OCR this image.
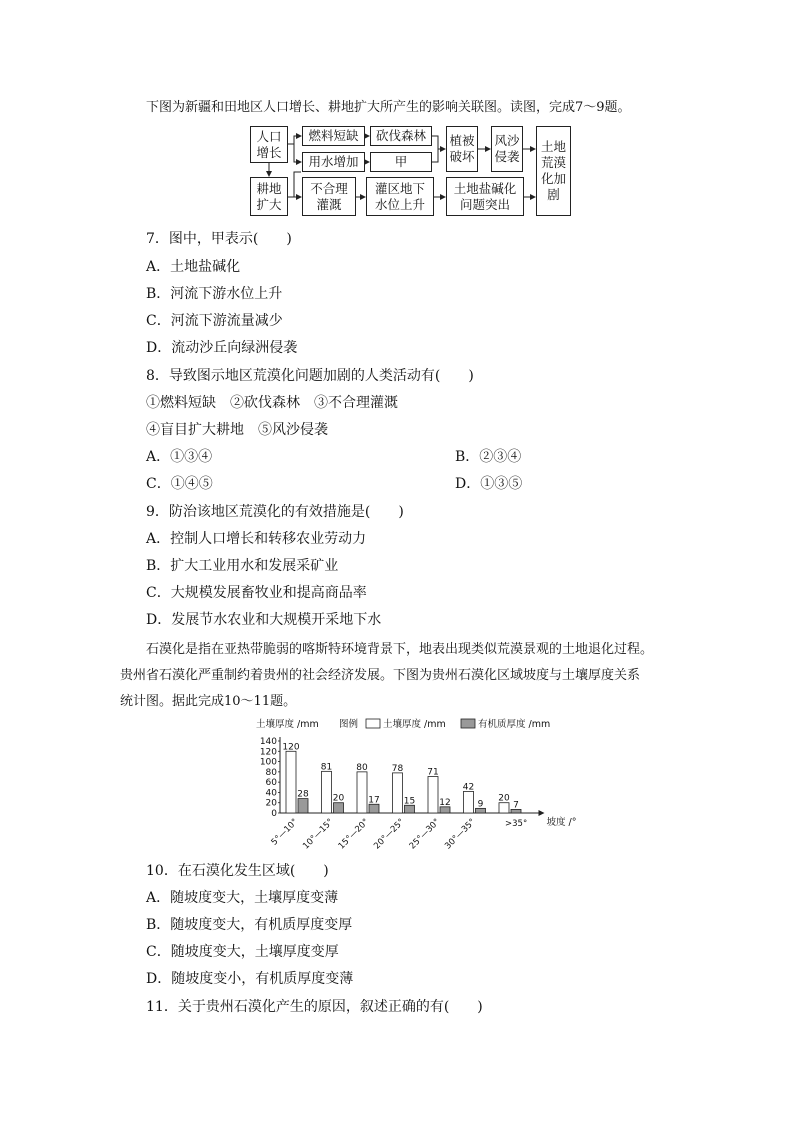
下图为新疆和田地区人口增长、耕地扩大所产生的影响关联图。读图，完成7～9题。
人口
增长
燃料短缺	砍伐森林
用水增加	甲
耕地
扩大
不合理
灌溉
灌区地下
水位上升
土地盐碱化
问题突出
植被
破坏
风沙
侵袭
土地
荒漠
化加
剧
7．图中，甲表示(　　)
A．土地盐碱化
B．河流下游水位上升
C．河流下游流量减少
D．流动沙丘向绿洲侵袭
8．导致图示地区荒漠化问题加剧的人类活动有(　　)
①燃料短缺　②砍伐森林　③不合理灌溉
④盲目扩大耕地　⑤风沙侵袭
A．①③④	B．②③④
C．①④⑤	D．①③⑤
9．防治该地区荒漠化的有效措施是(　　)
A．控制人口增长和转移农业劳动力
B．扩大工业用水和发展采矿业
C．大规模发展畜牧业和提高商品率
D．发展节水农业和大规模开采地下水
石漠化是指在亚热带脆弱的喀斯特环境背景下，地表出现类似荒漠景观的土地退化过程。
贵州省石漠化严重制约着贵州的社会经济发展。下图为贵州石漠化区域坡度与土壤厚度关系
统计图。据此完成10～11题。
土壤厚度 /mm 图例	土壤厚度 /mm	有机质厚度 /mm
0
20
40
60
80
100
120
140
坡度 /°
120
28
5°—10°
81
20
10°—15°
80
17
15°—20°
78
15
20°—25°
71
12
25°—30°
42
9
30°—35°
20
7
>35°
10．在石漠化发生区域(　　)
A．随坡度变大，土壤厚度变薄
B．随坡度变大，有机质厚度变厚
C．随坡度变大，土壤厚度变厚
D．随坡度变小，有机质厚度变薄
11．关于贵州石漠化产生的原因，叙述正确的有(　　)
